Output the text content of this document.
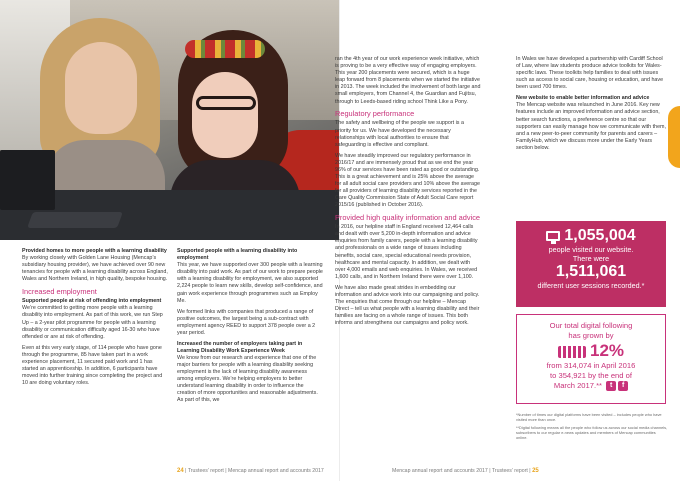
Provided homes to more people with a learning disability
By working closely with Golden Lane Housing (Mencap’s subsidiary housing provider), we have achieved over 90 new tenancies for people with a learning disability across England, Wales and Northern Ireland, in high quality, bespoke housing.

Increased employment

Supported people at risk of offending into employment
We’re committed to getting more people with a learning disability into employment. As part of this work, we run Step Up – a 2-year pilot programme for people with a learning disability or communication difficulty aged 16-30 who have offended or are at risk of offending.

Even at this very early stage, of 114 people who have gone through the programme, 85 have taken part in a work experience placement, 11 secured paid work and 1 has started an apprenticeship. In addition, 6 participants have moved into further training since completing the project and 10 are doing voluntary roles.

Supported people with a learning disability into employment
This year, we have supported over 300 people with a learning disability into paid work. As part of our work to prepare people with a learning disability for employment, we also supported 2,224 people to learn new skills, develop self-confidence, and gain work experience through programmes such as Employ Me.

We formed links with companies that produced a range of positive outcomes, the largest being a sub-contract with employment agency REED to support 378 people over a 2 year period.

Increased the number of employers taking part in Learning Disability Work Experience Week
We know from our research and experience that one of the major barriers for people with a learning disability seeking employment is the lack of learning disability awareness among employers. We’re helping employers to better understand learning disability in order to influence the creation of more opportunities and reasonable adjustments. As part of this, we

24 | Trustees’ report | Mencap annual report and accounts 2017

ran the 4th year of our work experience week initiative, which is proving to be a very effective way of engaging employers. This year 200 placements were secured, which is a huge leap forward from 8 placements when we started the initiative in 2013. The week included the involvement of both large and small employers, from Channel 4, the Guardian and Fujitsu, through to Leeds-based riding school Think Like a Pony.

Regulatory performance

The safety and wellbeing of the people we support is a priority for us. We have developed the necessary relationships with local authorities to ensure that safeguarding is effective and compliant.

We have steadily improved our regulatory performance in 2016/17 and are immensely proud that as we end the year 96% of our services have been rated as good or outstanding. This is a great achievement and is 25% above the average for all adult social care providers and 10% above the average for all providers of learning disability services reported in the Care Quality Commission State of Adult Social Care report 2015/16 (published in October 2016).

Provided high quality information and advice

In 2016, our helpline staff in England received 12,464 calls and dealt with over 5,200 in-depth information and advice enquiries from family carers, people with a learning disability and professionals on a wide range of issues including benefits, social care, special educational needs provision, healthcare and mental capacity. In addition, we dealt with over 4,000 emails and web enquiries. In Wales, we received 1,600 calls, and in Northern Ireland there were over 1,100.

We have also made great strides in embedding our information and advice work into our campaigning and policy. The enquiries that come through our helpline – Mencap Direct – tell us what people with a learning disability and their families are facing on a whole range of issues. This both informs and strengthens our campaigns and policy work.

In Wales we have developed a partnership with Cardiff School of Law, where law students produce advice toolkits for Wales-specific laws. These toolkits help families to deal with issues such as access to social care, housing or education, and have been used 700 times.

New website to enable better information and advice
The Mencap website was relaunched in June 2016. Key new features include an improved information and advice section, better search functions, a preference centre so that our supporters can easily manage how we communicate with them, and a new peer-to-peer community for parents and carers – FamilyHub, which we discuss more under the Early Years section below.

1,055,004
people visited our website.
There were
1,511,061
different user sessions recorded.*
Our total digital following
has grown by
12%
from 314,074 in April 2016
to 354,921 by the end of
March 2017.** t f

*Number of times our digital platforms have been visited – includes people who have visited more than once.

**Digital following means all the people who follow us across our social media channels, subscribers to our regular e-news updates and members of Mencap communities online.

Mencap annual report and accounts 2017 | Trustees’ report | 25
